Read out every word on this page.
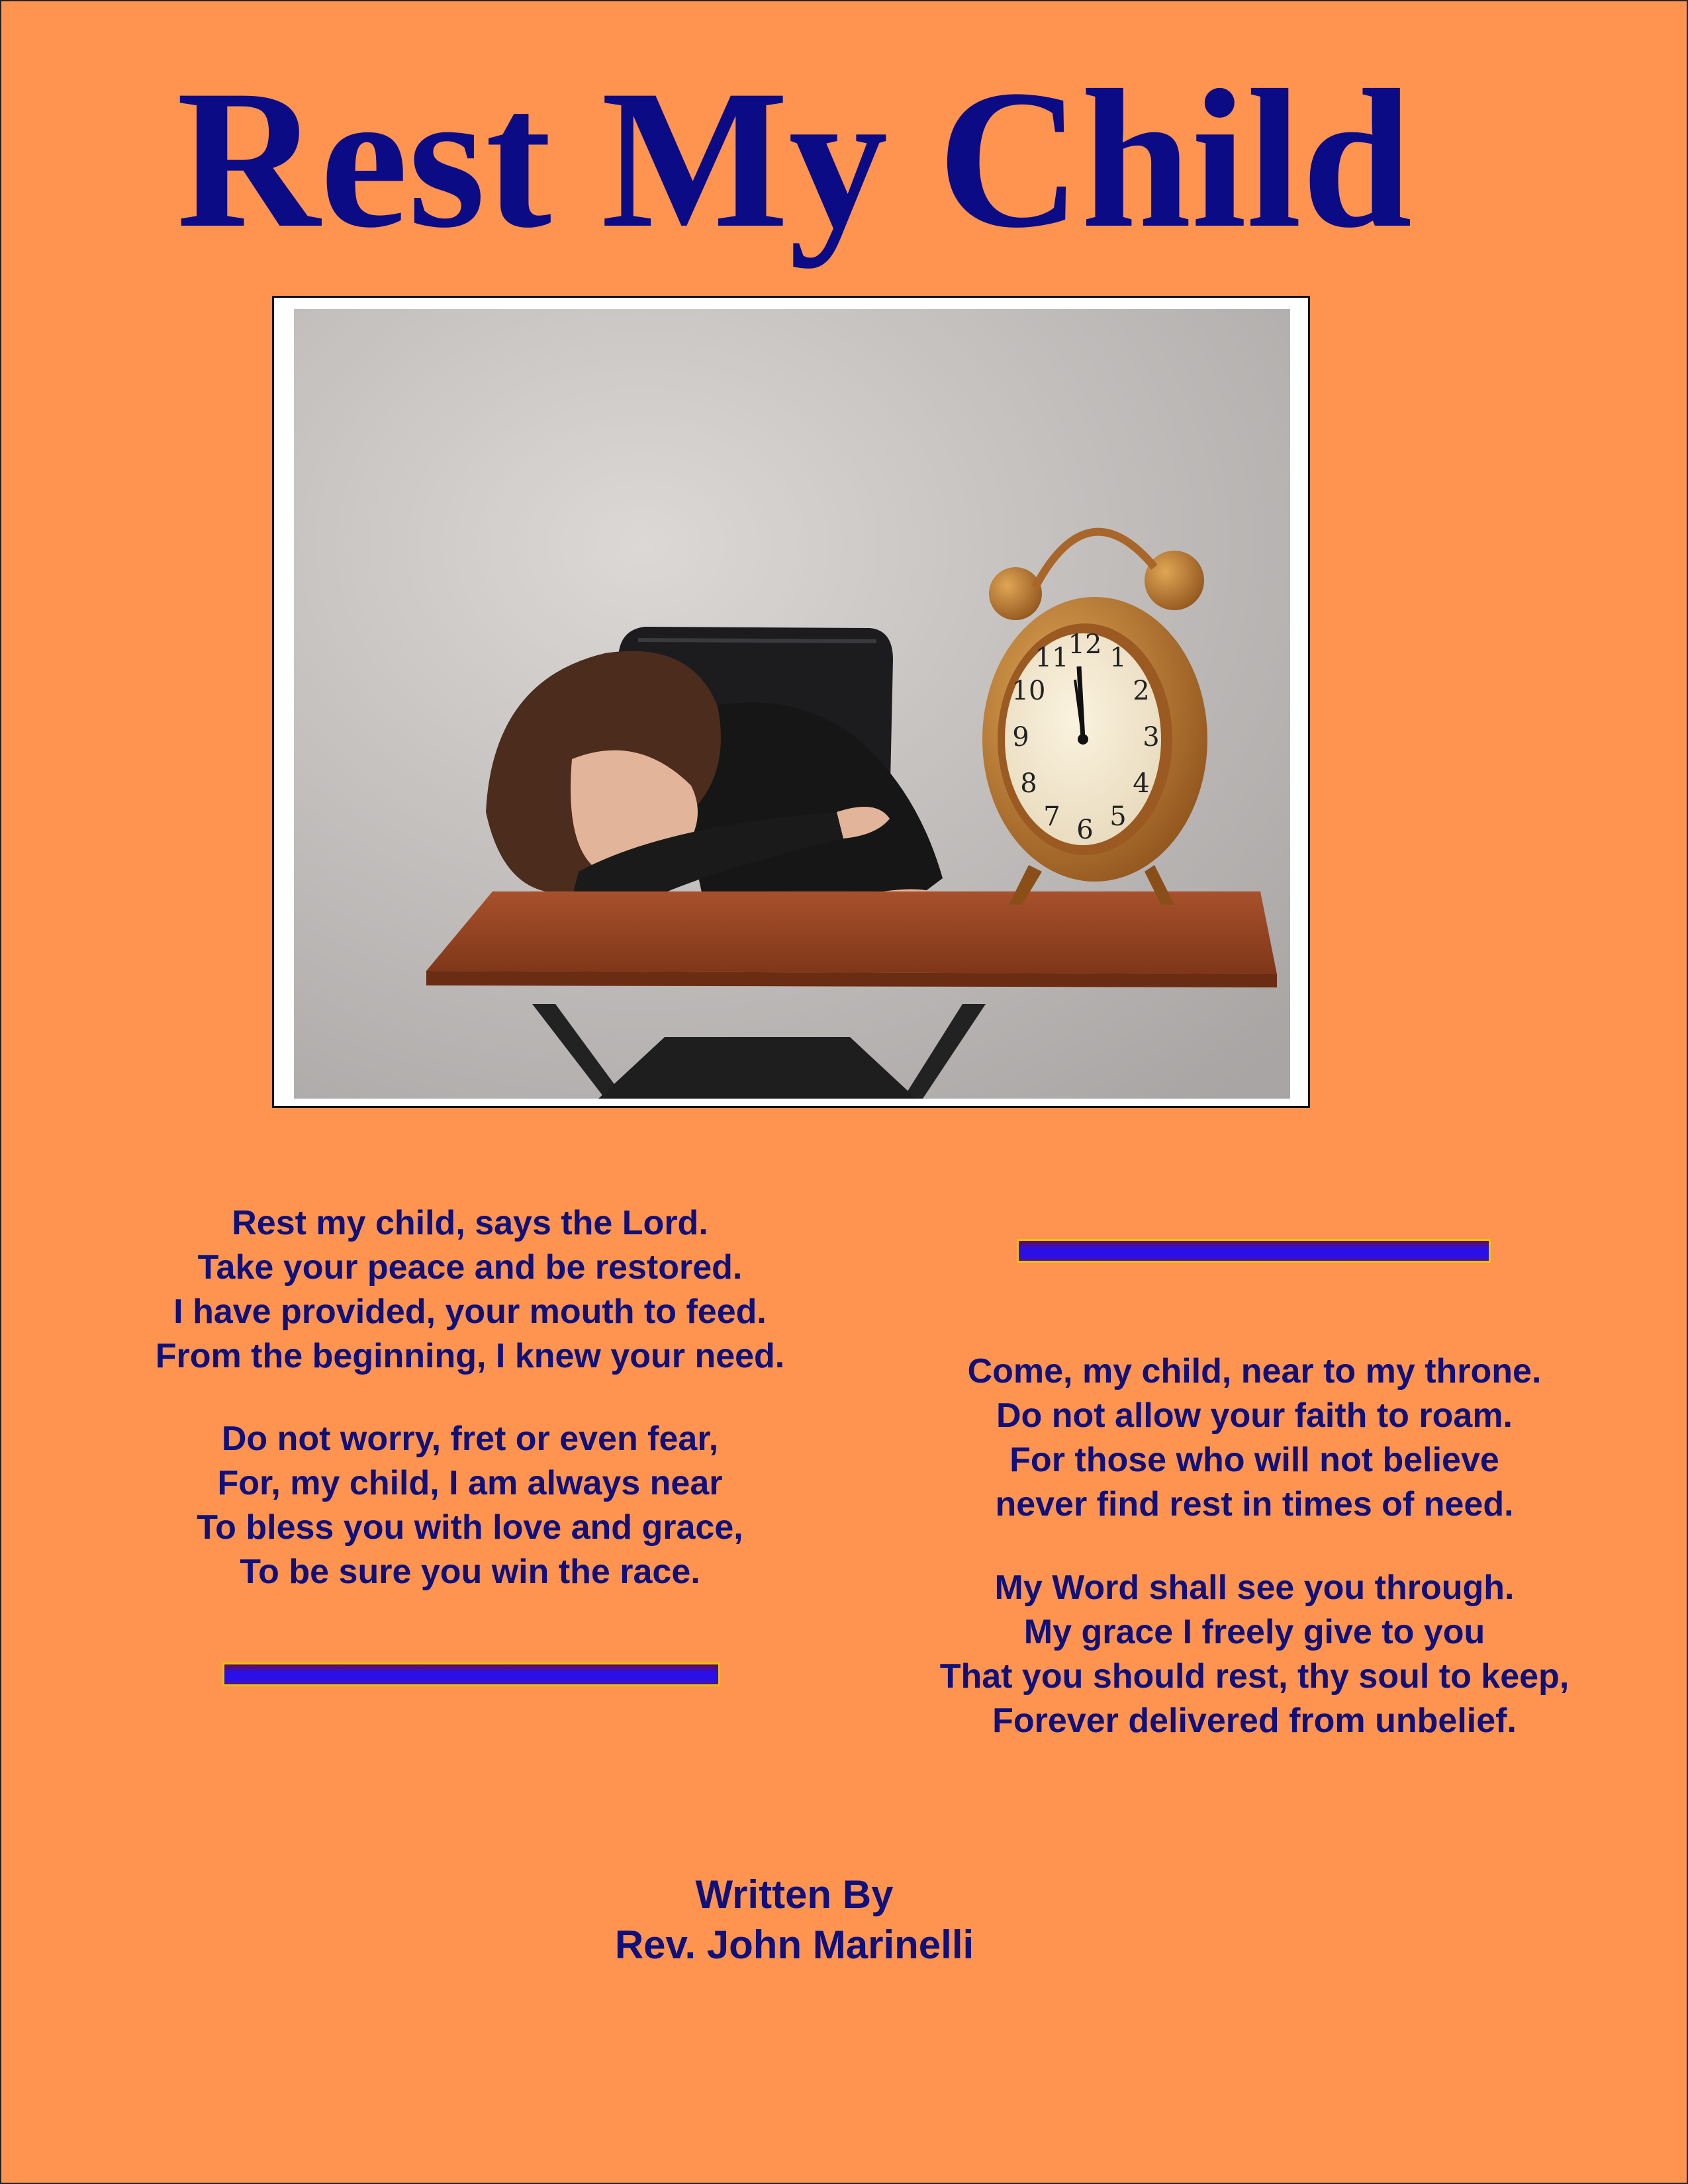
Rest My Child
12 1
2
3
4
5
6
7
8
9
10
11
Rest my child, says the Lord.
Take your peace and be restored.
I have provided, your mouth to feed.
From the beginning, I knew your need.
Do not worry, fret or even fear,
For, my child, I am always near
To bless you with love and grace,
To be sure you win the race.
Come, my child, near to my throne.
Do not allow your faith to roam.
For those who will not believe
never find rest in times of need.
My Word shall see you through.
My grace I freely give to you
That you should rest, thy soul to keep,
Forever delivered from unbelief.
Written By
Rev. John Marinelli
